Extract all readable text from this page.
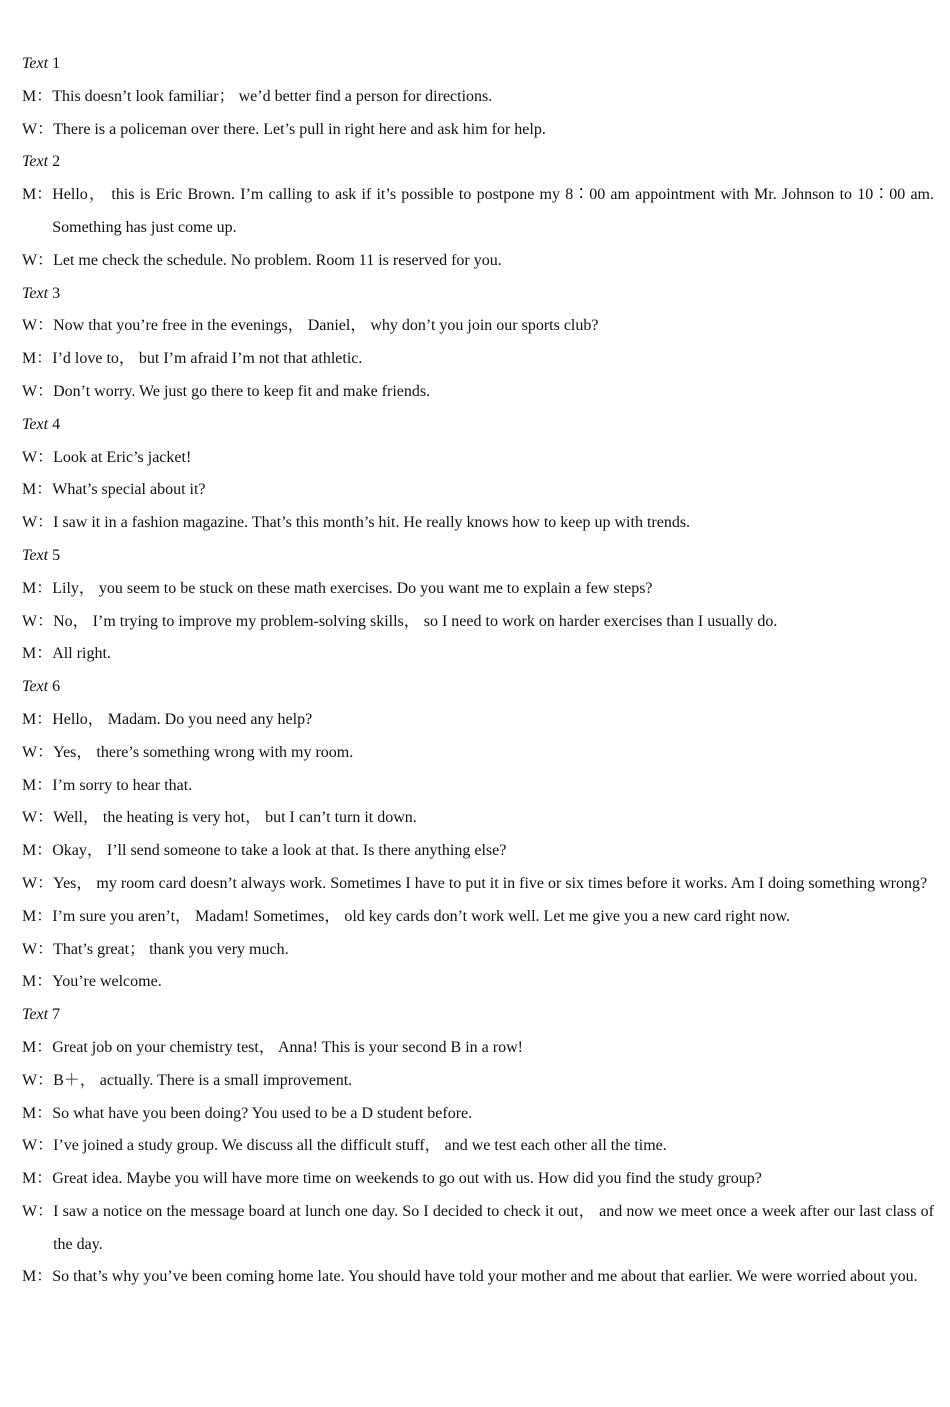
Text 1
M： This doesn’t look familiar； we’d better find a person for directions.
W： There is a policeman over there. Let’s pull in right here and ask him for help.
Text 2
M： Hello， this is Eric Brown. I’m calling to ask if it’s possible to postpone my 8∶00 am appointment with Mr. Johnson to 10∶00 am. Something has just come up.
W： Let me check the schedule. No problem. Room 11 is reserved for you.
Text 3
W： Now that you’re free in the evenings， Daniel， why don’t you join our sports club?
M： I’d love to， but I’m afraid I’m not that athletic.
W： Don’t worry. We just go there to keep fit and make friends.
Text 4
W： Look at Eric’s jacket!
M： What’s special about it?
W： I saw it in a fashion magazine. That’s this month’s hit. He really knows how to keep up with trends.
Text 5
M： Lily， you seem to be stuck on these math exercises. Do you want me to explain a few steps?
W： No， I’m trying to improve my problem-solving skills， so I need to work on harder exercises than I usually do.
M： All right.
Text 6
M： Hello， Madam. Do you need any help?
W： Yes， there’s something wrong with my room.
M： I’m sorry to hear that.
W： Well， the heating is very hot， but I can’t turn it down.
M： Okay， I’ll send someone to take a look at that. Is there anything else?
W： Yes， my room card doesn’t always work. Sometimes I have to put it in five or six times before it works. Am I doing something wrong?
M： I’m sure you aren’t， Madam! Sometimes， old key cards don’t work well. Let me give you a new card right now.
W： That’s great； thank you very much.
M： You’re welcome.
Text 7
M： Great job on your chemistry test， Anna! This is your second B in a row!
W： B＋， actually. There is a small improvement.
M： So what have you been doing? You used to be a D student before.
W： I’ve joined a study group. We discuss all the difficult stuff， and we test each other all the time.
M： Great idea. Maybe you will have more time on weekends to go out with us. How did you find the study group?
W： I saw a notice on the message board at lunch one day. So I decided to check it out， and now we meet once a week after our last class of the day.
M： So that’s why you’ve been coming home late. You should have told your mother and me about that earlier. We were worried about you.
